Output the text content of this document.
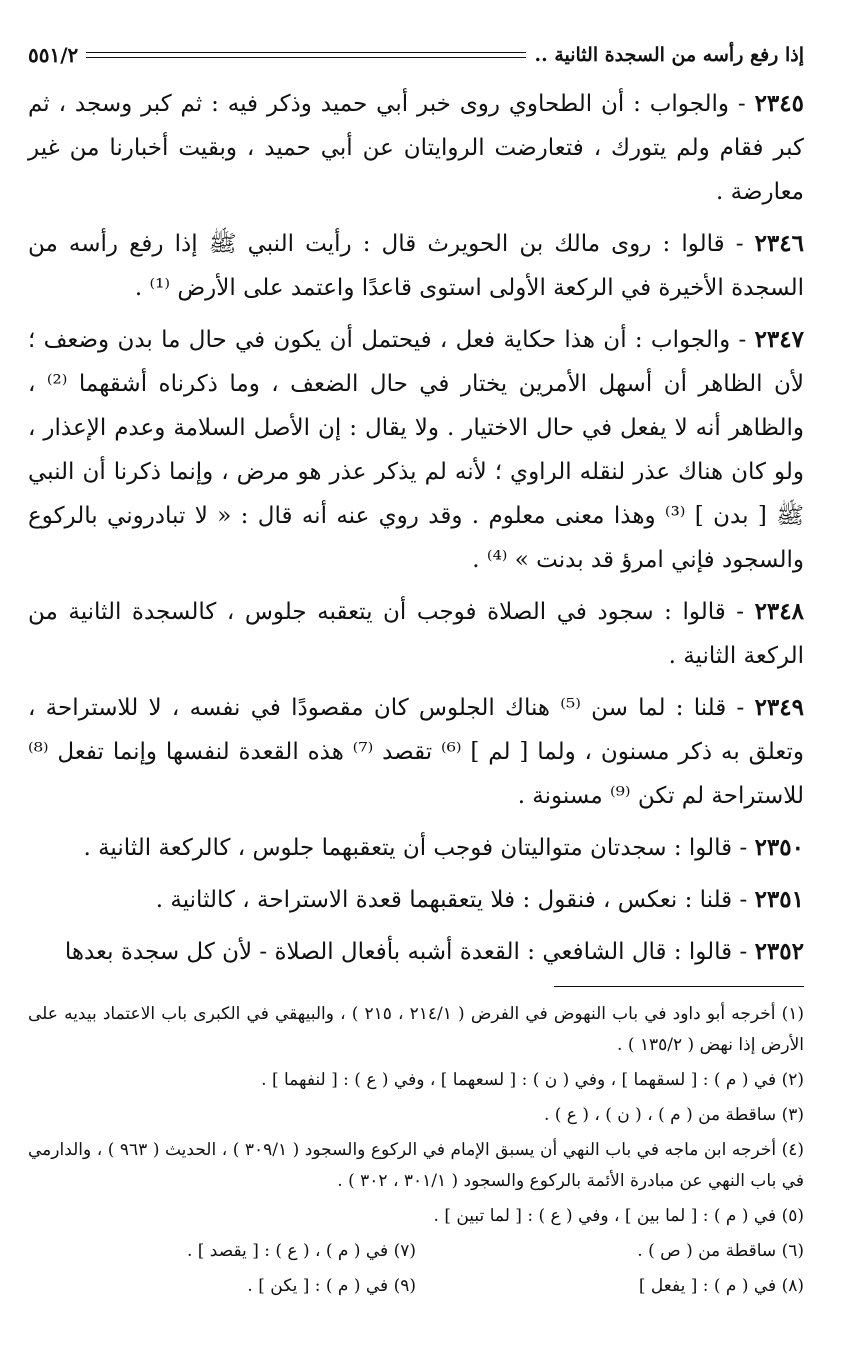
إذا رفع رأسه من السجدة الثانية ..
٥٥١/٢

٢٣٤٥ - والجواب : أن الطحاوي روى خبر أبي حميد وذكر فيه : ثم كبر وسجد ، ثم كبر فقام ولم يتورك ، فتعارضت الروايتان عن أبي حميد ، وبقيت أخبارنا من غير معارضة .

٢٣٤٦ - قالوا : روى مالك بن الحويرث قال : رأيت النبي ﷺ إذا رفع رأسه من السجدة الأخيرة في الركعة الأولى استوى قاعدًا واعتمد على الأرض ⁽¹⁾ .

٢٣٤٧ - والجواب : أن هذا حكاية فعل ، فيحتمل أن يكون في حال ما بدن وضعف ؛ لأن الظاهر أن أسهل الأمرين يختار في حال الضعف ، وما ذكرناه أشقهما ⁽²⁾ ، والظاهر أنه لا يفعل في حال الاختيار . ولا يقال : إن الأصل السلامة وعدم الإعذار ، ولو كان هناك عذر لنقله الراوي ؛ لأنه لم يذكر عذر هو مرض ، وإنما ذكرنا أن النبي ﷺ [ بدن ] ⁽³⁾ وهذا معنى معلوم . وقد روي عنه أنه قال : « لا تبادروني بالركوع والسجود فإني امرؤ قد بدنت » ⁽⁴⁾ .

٢٣٤٨ - قالوا : سجود في الصلاة فوجب أن يتعقبه جلوس ، كالسجدة الثانية من الركعة الثانية .

٢٣٤٩ - قلنا : لما سن ⁽⁵⁾ هناك الجلوس كان مقصودًا في نفسه ، لا للاستراحة ، وتعلق به ذكر مسنون ، ولما [ لم ] ⁽⁶⁾ تقصد ⁽⁷⁾ هذه القعدة لنفسها وإنما تفعل ⁽⁸⁾ للاستراحة لم تكن ⁽⁹⁾ مسنونة .

٢٣٥٠ - قالوا : سجدتان متواليتان فوجب أن يتعقبهما جلوس ، كالركعة الثانية .

٢٣٥١ - قلنا : نعكس ، فنقول : فلا يتعقبهما قعدة الاستراحة ، كالثانية .

٢٣٥٢ - قالوا : قال الشافعي : القعدة أشبه بأفعال الصلاة - لأن كل سجدة بعدها

(١) أخرجه أبو داود في باب النهوض في الفرض ( ٢١٤/١ ، ٢١٥ ) ، والبيهقي في الكبرى باب الاعتماد بيديه على الأرض إذا نهض ( ١٣٥/٢ ) .

(٢) في ( م ) : [ لسقهما ] ، وفي ( ن ) : [ لسعهما ] ، وفي ( ع ) : [ لنفهما ] .

(٣) ساقطة من ( م ) ، ( ن ) ، ( ع ) .

(٤) أخرجه ابن ماجه في باب النهي أن يسبق الإمام في الركوع والسجود ( ٣٠٩/١ ) ، الحديث ( ٩٦٣ ) ، والدارمي في باب النهي عن مبادرة الأئمة بالركوع والسجود ( ٣٠١/١ ، ٣٠٢ ) .

(٥) في ( م ) : [ لما بين ] ، وفي ( ع ) : [ لما تبين ] .

(٦) ساقطة من ( ص ) .

(٧) في ( م ) ، ( ع ) : [ يقصد ] .

(٨) في ( م ) : [ يفعل ]

(٩) في ( م ) : [ يكن ] .
